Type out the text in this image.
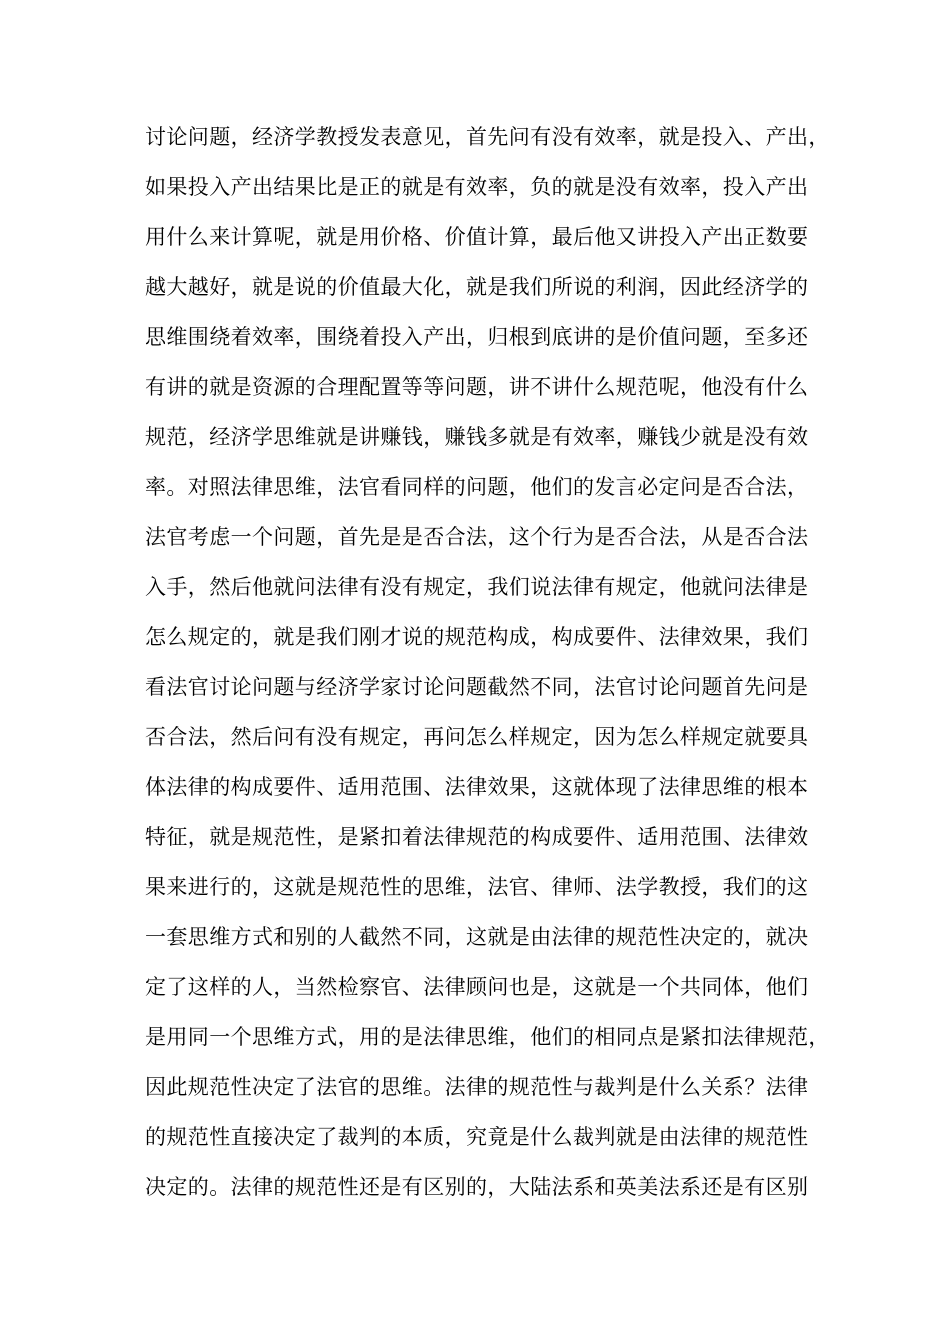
讨论问题，经济学教授发表意见，首先问有没有效率，就是投入、产出，
如果投入产出结果比是正的就是有效率，负的就是没有效率，投入产出
用什么来计算呢，就是用价格、价值计算，最后他又讲投入产出正数要
越大越好，就是说的价值最大化，就是我们所说的利润，因此经济学的
思维围绕着效率，围绕着投入产出，归根到底讲的是价值问题，至多还
有讲的就是资源的合理配置等等问题，讲不讲什么规范呢，他没有什么
规范，经济学思维就是讲赚钱，赚钱多就是有效率，赚钱少就是没有效
率。对照法律思维，法官看同样的问题，他们的发言必定问是否合法，
法官考虑一个问题，首先是是否合法，这个行为是否合法，从是否合法
入手，然后他就问法律有没有规定，我们说法律有规定，他就问法律是
怎么规定的，就是我们刚才说的规范构成，构成要件、法律效果，我们
看法官讨论问题与经济学家讨论问题截然不同，法官讨论问题首先问是
否合法，然后问有没有规定，再问怎么样规定，因为怎么样规定就要具
体法律的构成要件、适用范围、法律效果，这就体现了法律思维的根本
特征，就是规范性，是紧扣着法律规范的构成要件、适用范围、法律效
果来进行的，这就是规范性的思维，法官、律师、法学教授，我们的这
一套思维方式和别的人截然不同，这就是由法律的规范性决定的，就决
定了这样的人，当然检察官、法律顾问也是，这就是一个共同体，他们
是用同一个思维方式，用的是法律思维，他们的相同点是紧扣法律规范，
因此规范性决定了法官的思维。法律的规范性与裁判是什么关系？法律
的规范性直接决定了裁判的本质，究竟是什么裁判就是由法律的规范性
决定的。法律的规范性还是有区别的，大陆法系和英美法系还是有区别
